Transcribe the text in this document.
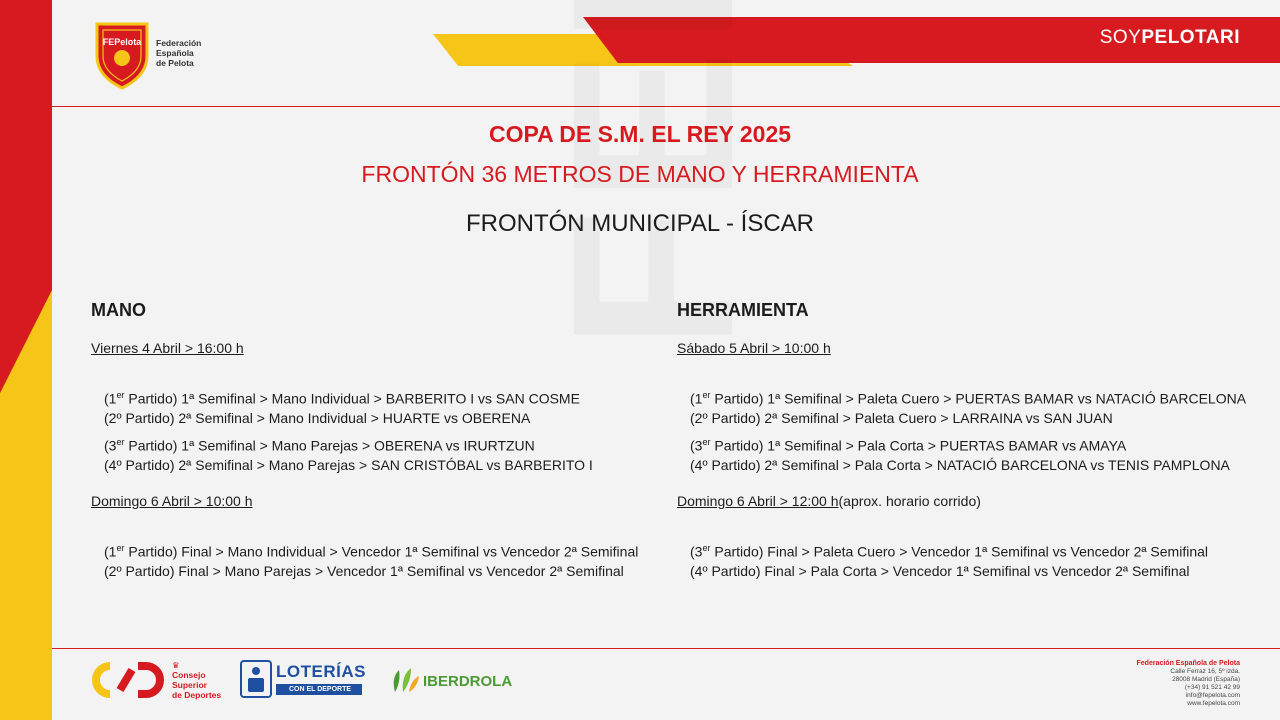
FEPelota Federación
Española
de Pelota
SOYPELOTARI
COPA DE S.M. EL REY 2025
FRONTÓN 36 METROS DE MANO Y HERRAMIENTA
FRONTÓN MUNICIPAL - ÍSCAR
MANO
Viernes 4 Abril > 16:00 h
(1er Partido) 1ª Semifinal > Mano Individual > BARBERITO I vs SAN COSME
(2º Partido) 2ª Semifinal > Mano Individual > HUARTE vs OBERENA
(3er Partido) 1ª Semifinal > Mano Parejas > OBERENA vs IRURTZUN
(4º Partido) 2ª Semifinal > Mano Parejas > SAN CRISTÓBAL vs BARBERITO I
Domingo 6 Abril > 10:00 h
(1er Partido) Final > Mano Individual > Vencedor 1ª Semifinal vs Vencedor 2ª Semifinal
(2º Partido) Final > Mano Parejas > Vencedor 1ª Semifinal vs Vencedor 2ª Semifinal
HERRAMIENTA
Sábado 5 Abril > 10:00 h
(1er Partido) 1ª Semifinal > Paleta Cuero > PUERTAS BAMAR vs NATACIÓ BARCELONA
(2º Partido) 2ª Semifinal > Paleta Cuero > LARRAINA vs SAN JUAN
(3er Partido) 1ª Semifinal > Pala Corta > PUERTAS BAMAR vs AMAYA
(4º Partido) 2ª Semifinal > Pala Corta > NATACIÓ BARCELONA vs TENIS PAMPLONA
Domingo 6 Abril > 12:00 h(aprox. horario corrido)
(3er Partido) Final > Paleta Cuero > Vencedor 1ª Semifinal vs Vencedor 2ª Semifinal
(4º Partido) Final > Pala Corta > Vencedor 1ª Semifinal vs Vencedor 2ª Semifinal
♛
Consejo
Superior
de Deportes
LOTERÍAS
CON EL DEPORTE	IBERDROLA
Federación Española de Pelota
Calle Ferraz 16, 5º izda.
28008 Madrid (España)
(+34) 91 521 42 99
info@fepelota.com
www.fepelota.com
